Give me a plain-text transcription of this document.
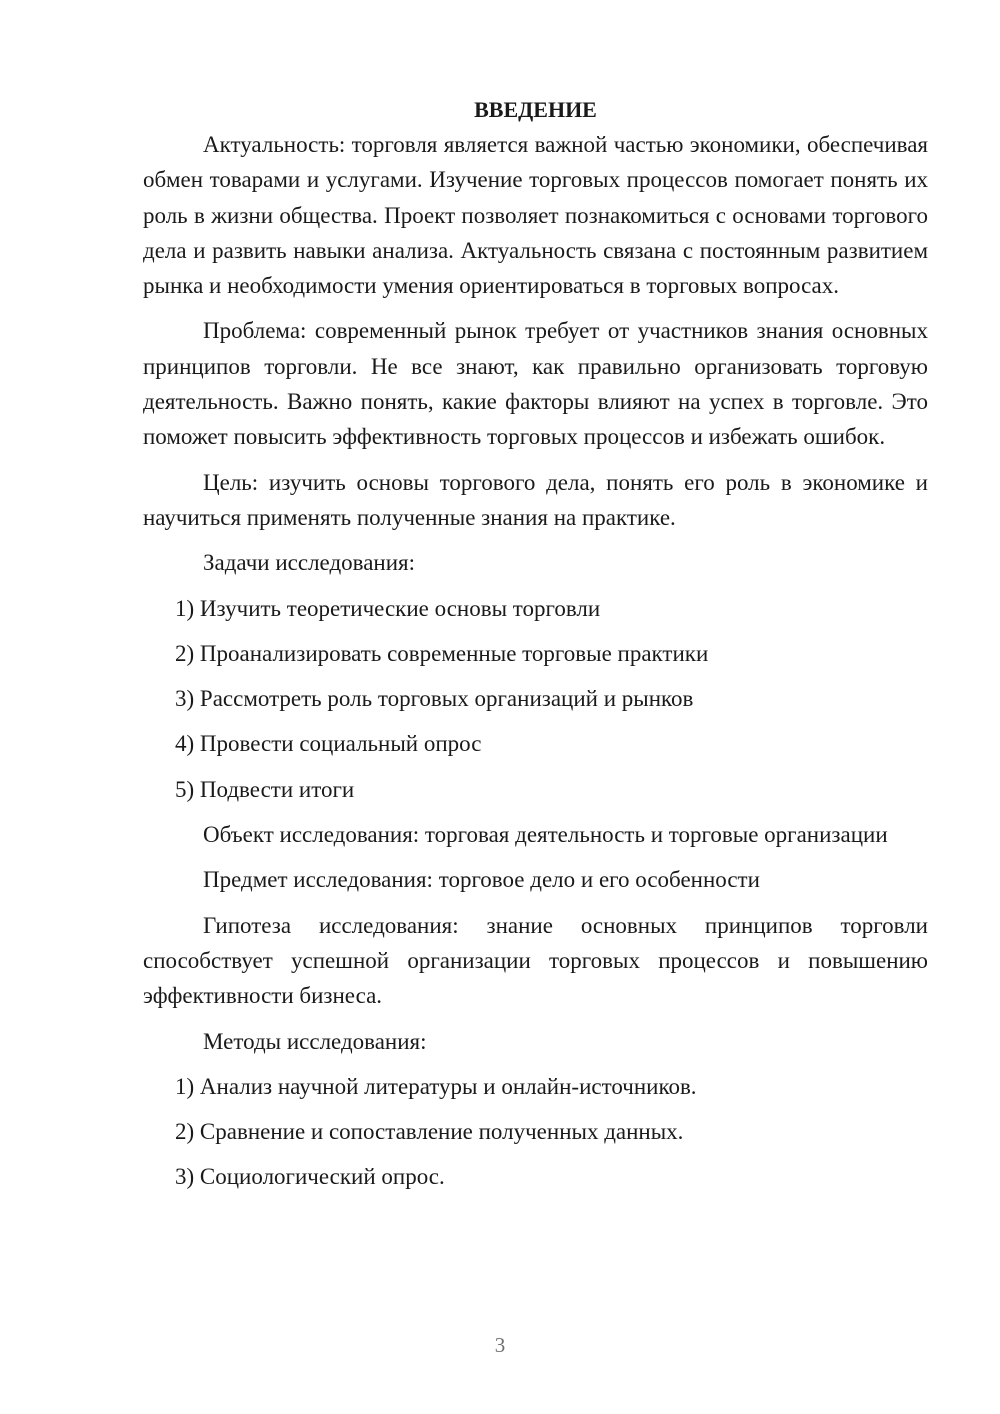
ВВЕДЕНИЕ

Актуальность: торговля является важной частью экономики, обеспечивая обмен товарами и услугами. Изучение торговых процессов помогает понять их роль в жизни общества. Проект позволяет познакомиться с основами торгового дела и развить навыки анализа. Актуальность связана с постоянным развитием рынка и необходимости умения ориентироваться в торговых вопросах.

Проблема: современный рынок требует от участников знания основных принципов торговли. Не все знают, как правильно организовать торговую деятельность. Важно понять, какие факторы влияют на успех в торговле. Это поможет повысить эффективность торговых процессов и избежать ошибок.

Цель: изучить основы торгового дела, понять его роль в экономике и научиться применять полученные знания на практике.

Задачи исследования:

1) Изучить теоретические основы торговли

2) Проанализировать современные торговые практики

3) Рассмотреть роль торговых организаций и рынков

4) Провести социальный опрос

5) Подвести итоги

Объект исследования: торговая деятельность и торговые организации

Предмет исследования: торговое дело и его особенности

Гипотеза исследования: знание основных принципов торговли способствует успешной организации торговых процессов и повышению эффективности бизнеса.

Методы исследования:

1) Анализ научной литературы и онлайн-источников.

2) Сравнение и сопоставление полученных данных.

3) Социологический опрос.

3
